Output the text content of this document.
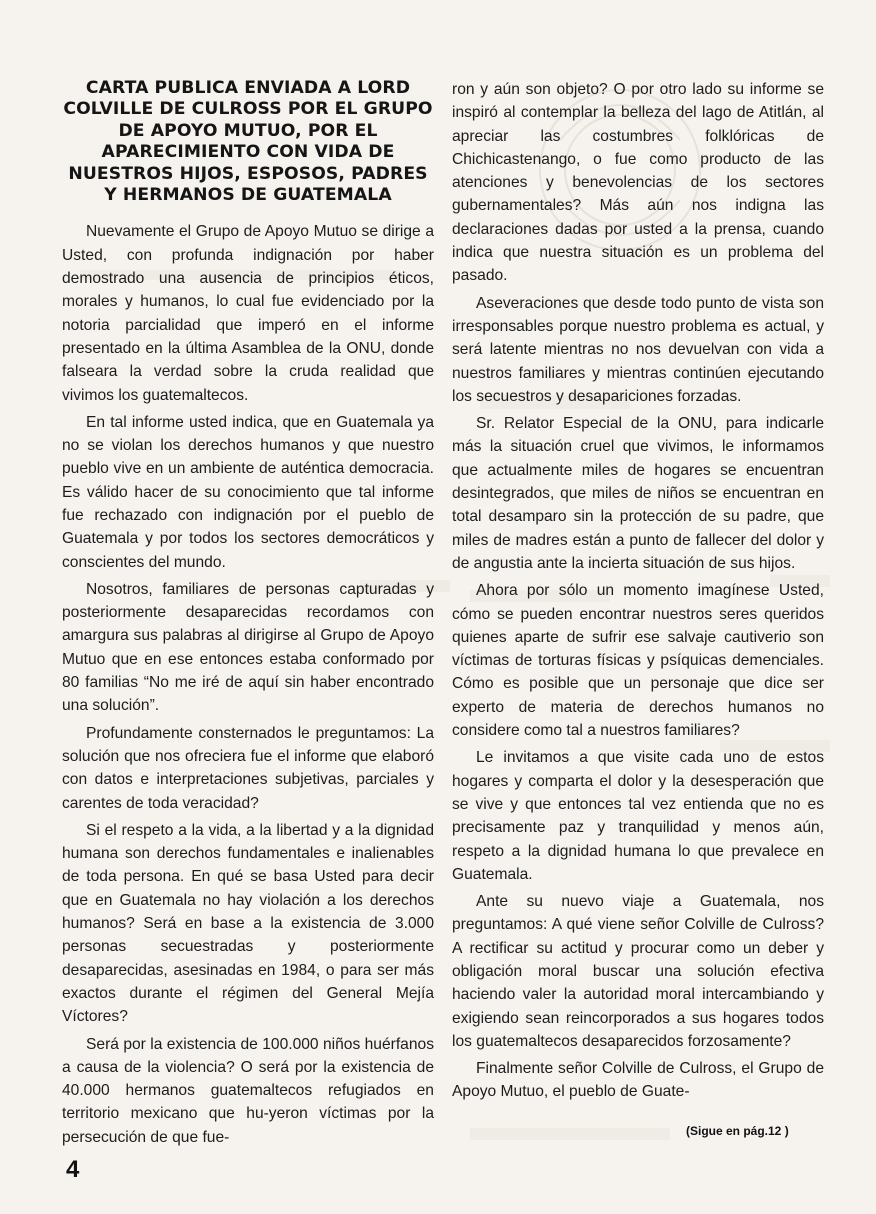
CARTA PUBLICA ENVIADA A LORD
COLVILLE DE CULROSS POR EL GRUPO
DE APOYO MUTUO, POR EL
APARECIMIENTO CON VIDA DE
NUESTROS HIJOS, ESPOSOS, PADRES
Y HERMANOS DE GUATEMALA

Nuevamente el Grupo de Apoyo Mutuo se dirige a Usted, con profunda indignación por haber demostrado una ausencia de principios éticos, morales y humanos, lo cual fue evidenciado por la notoria parcialidad que imperó en el informe presentado en la última Asamblea de la ONU, donde falseara la verdad sobre la cruda realidad que vivimos los guatemaltecos.

En tal informe usted indica, que en Guatemala ya no se violan los derechos humanos y que nuestro pueblo vive en un ambiente de auténtica democracia. Es válido hacer de su conocimiento que tal informe fue rechazado con indignación por el pueblo de Guatemala y por todos los sectores democráticos y conscientes del mundo.

Nosotros, familiares de personas capturadas y posteriormente desaparecidas recordamos con amargura sus palabras al dirigirse al Grupo de Apoyo Mutuo que en ese entonces estaba conformado por 80 familias “No me iré de aquí sin haber encontrado una solución”.

Profundamente consternados le preguntamos: La solución que nos ofreciera fue el informe que elaboró con datos e interpretaciones subjetivas, parciales y carentes de toda veracidad?

Si el respeto a la vida, a la libertad y a la dignidad humana son derechos fundamentales e inalienables de toda persona. En qué se basa Usted para decir que en Guatemala no hay violación a los derechos humanos? Será en base a la existencia de 3.000 personas secuestradas y posteriormente desaparecidas, asesinadas en 1984, o para ser más exactos durante el régimen del General Mejía Víctores?

Será por la existencia de 100.000 niños huérfanos a causa de la violencia? O será por la existencia de 40.000 hermanos guatemaltecos refugiados en territorio mexicano que hu-yeron víctimas por la persecución de que fue-

ron y aún son objeto? O por otro lado su informe se inspiró al contemplar la belleza del lago de Atitlán, al apreciar las costumbres folklóricas de Chichicastenango, o fue como producto de las atenciones y benevolencias de los sectores gubernamentales? Más aún nos indigna las declaraciones dadas por usted a la prensa, cuando indica que nuestra situación es un problema del pasado.

Aseveraciones que desde todo punto de vista son irresponsables porque nuestro problema es actual, y será latente mientras no nos devuelvan con vida a nuestros familiares y mientras continúen ejecutando los secuestros y desapariciones forzadas.

Sr. Relator Especial de la ONU, para indicarle más la situación cruel que vivimos, le informamos que actualmente miles de hogares se encuentran desintegrados, que miles de niños se encuentran en total desamparo sin la protección de su padre, que miles de madres están a punto de fallecer del dolor y de angustia ante la incierta situación de sus hijos.

Ahora por sólo un momento imagínese Usted, cómo se pueden encontrar nuestros seres queridos quienes aparte de sufrir ese salvaje cautiverio son víctimas de torturas físicas y psíquicas demenciales. Cómo es posible que un personaje que dice ser experto de materia de derechos humanos no considere como tal a nuestros familiares?

Le invitamos a que visite cada uno de estos hogares y comparta el dolor y la desesperación que se vive y que entonces tal vez entienda que no es precisamente paz y tranquilidad y menos aún, respeto a la dignidad humana lo que prevalece en Guatemala.

Ante su nuevo viaje a Guatemala, nos preguntamos: A qué viene señor Colville de Culross? A rectificar su actitud y procurar como un deber y obligación moral buscar una solución efectiva haciendo valer la autoridad moral intercambiando y exigiendo sean reincorporados a sus hogares todos los guatemaltecos desaparecidos forzosamente?

Finalmente señor Colville de Culross, el Grupo de Apoyo Mutuo, el pueblo de Guate-

(Sigue en pág.12 )
4
